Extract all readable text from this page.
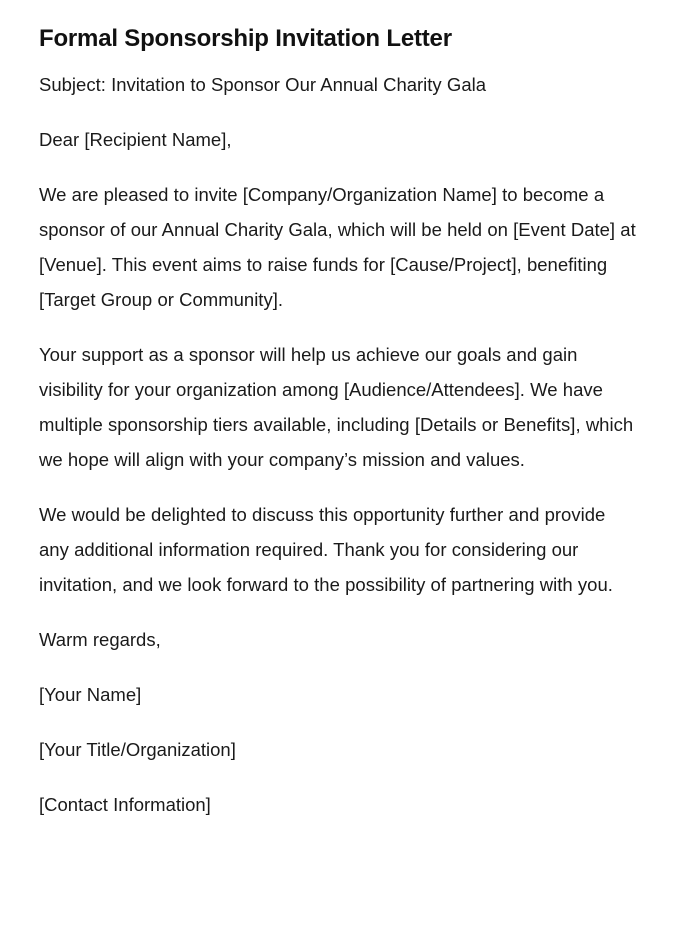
Formal Sponsorship Invitation Letter

Subject: Invitation to Sponsor Our Annual Charity Gala

Dear [Recipient Name],

We are pleased to invite [Company/Organization Name] to become a sponsor of our Annual Charity Gala, which will be held on [Event Date] at [Venue]. This event aims to raise funds for [Cause/Project], benefiting [Target Group or Community].

Your support as a sponsor will help us achieve our goals and gain visibility for your organization among [Audience/Attendees]. We have multiple sponsorship tiers available, including [Details or Benefits], which we hope will align with your company’s mission and values.

We would be delighted to discuss this opportunity further and provide any additional information required. Thank you for considering our invitation, and we look forward to the possibility of partnering with you.

Warm regards,

[Your Name]

[Your Title/Organization]

[Contact Information]
